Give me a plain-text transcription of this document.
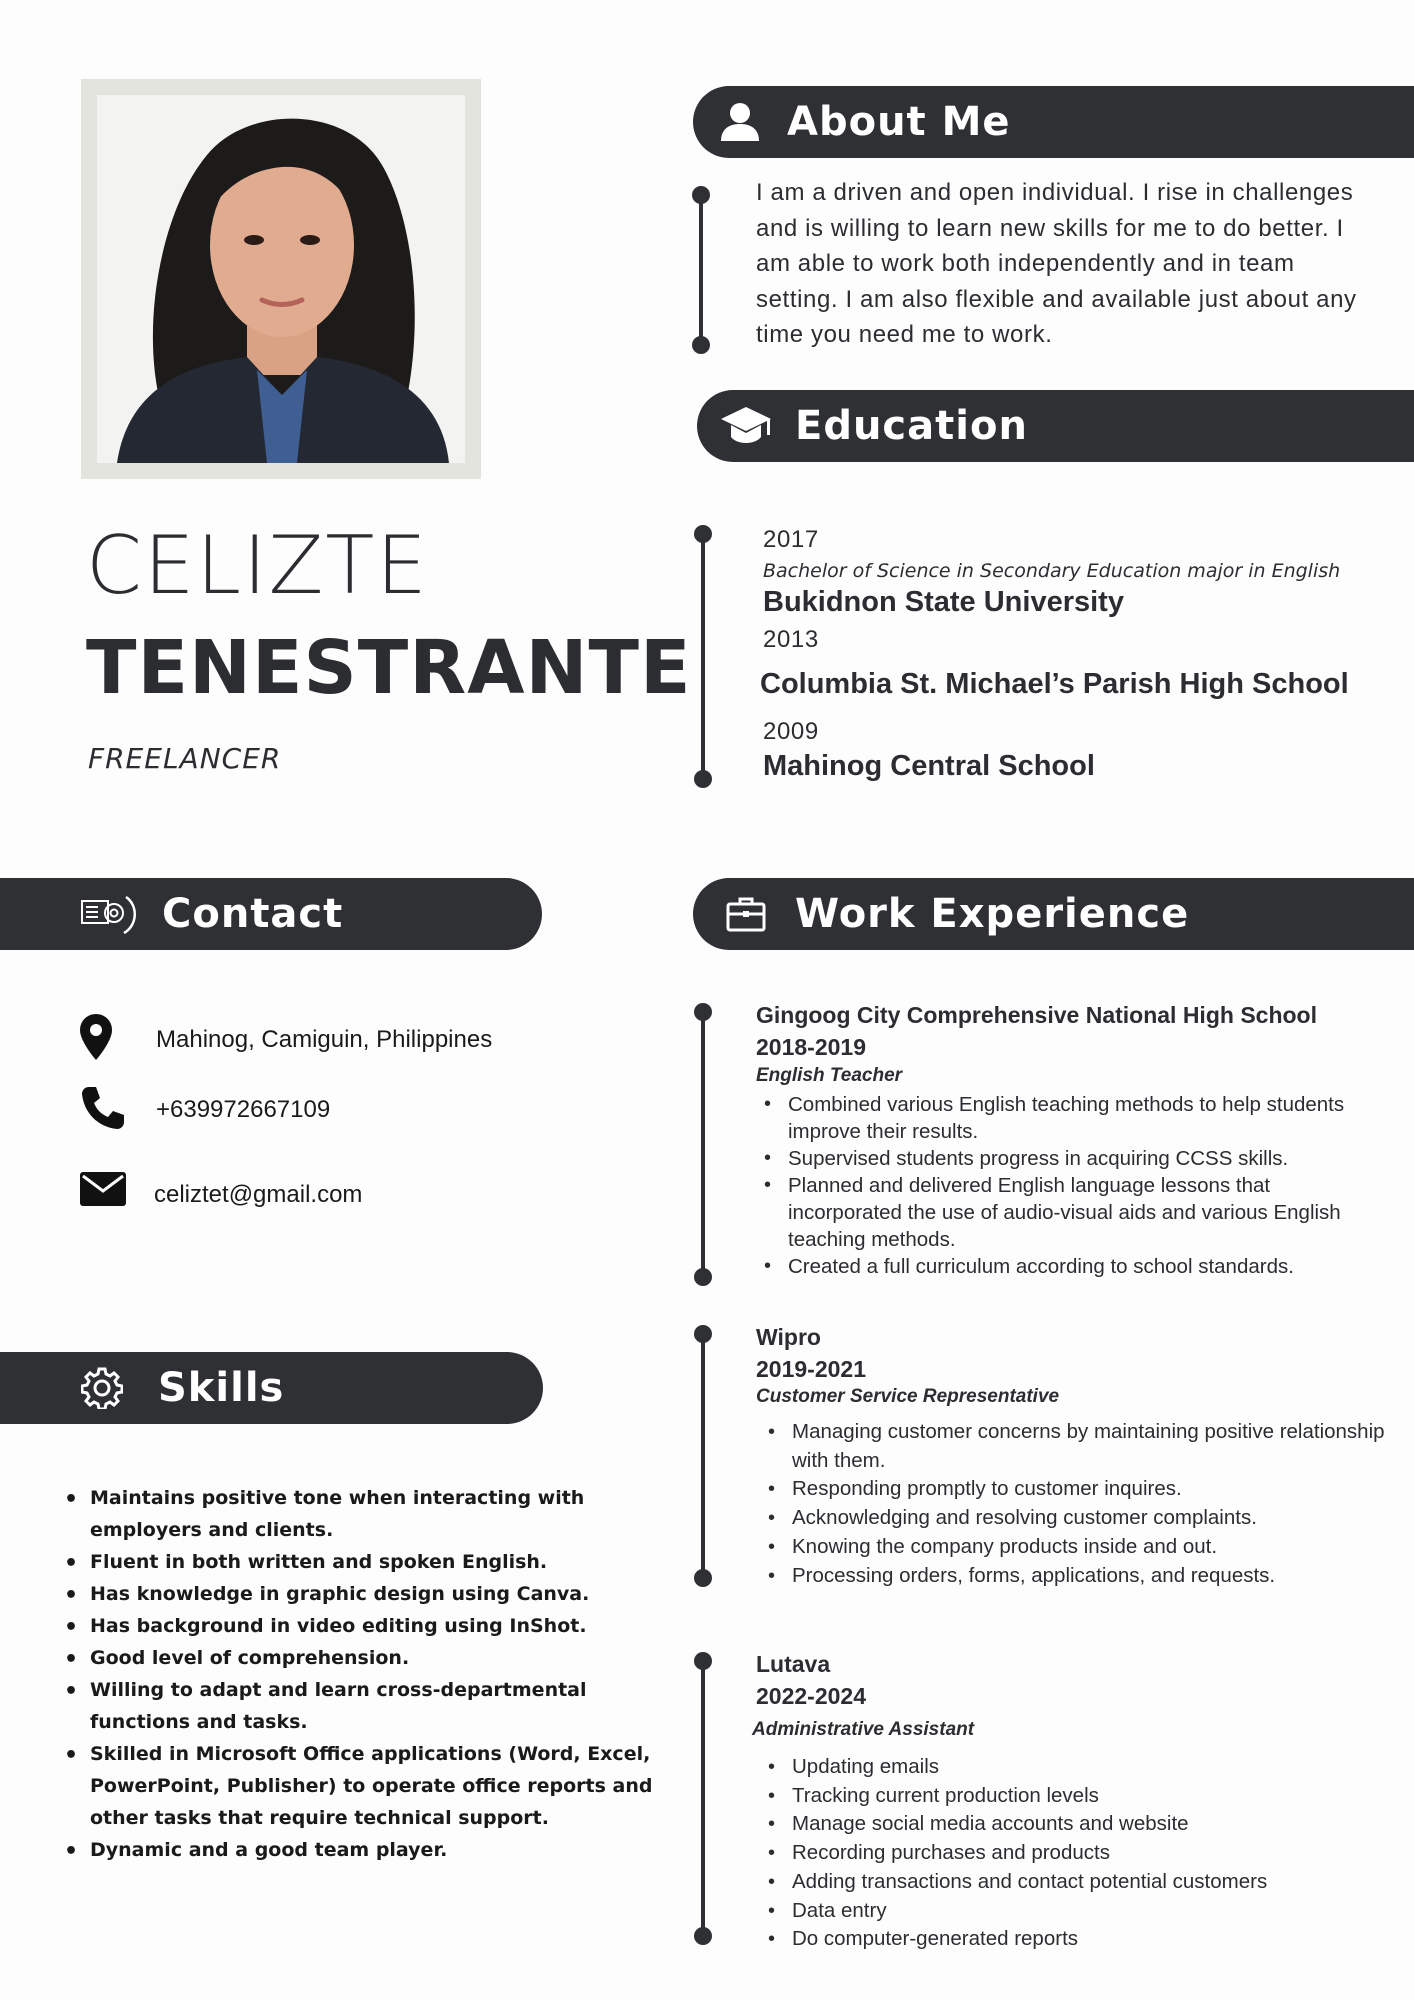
CELIZTE
TENESTRANTE
FREELANCER
About Me
I am a driven and open individual. I rise in challenges and is willing to learn new skills for me to do better. I am able to work both independently and in team setting. I am also flexible and available just about any time you need me to work.
Education
2017
Bachelor of Science in Secondary Education major in English
Bukidnon State University
2013
Columbia St. Michael’s Parish High School
2009
Mahinog Central School
Contact
Mahinog, Camiguin, Philippines
+639972667109
celiztet@gmail.com
Skills
• Maintains positive tone when interacting with employers and clients.
• Fluent in both written and spoken English.
• Has knowledge in graphic design using Canva.
• Has background in video editing using InShot.
• Good level of comprehension.
• Willing to adapt and learn cross-departmental functions and tasks.
• Skilled in Microsoft Office applications (Word, Excel, PowerPoint, Publisher) to operate office reports and other tasks that require technical support.
• Dynamic and a good team player.
Work Experience
Gingoog City Comprehensive National High School
2018-2019
English Teacher
• Combined various English teaching methods to help students improve their results.
• Supervised students progress in acquiring CCSS skills.
• Planned and delivered English language lessons that incorporated the use of audio-visual aids and various English teaching methods.
• Created a full curriculum according to school standards.
Wipro
2019-2021
Customer Service Representative
• Managing customer concerns by maintaining positive relationship with them.
• Responding promptly to customer inquires.
• Acknowledging and resolving customer complaints.
• Knowing the company products inside and out.
• Processing orders, forms, applications, and requests.
Lutava
2022-2024
Administrative Assistant
• Updating emails
• Tracking current production levels
• Manage social media accounts and website
• Recording purchases and products
• Adding transactions and contact potential customers
• Data entry
• Do computer-generated reports
